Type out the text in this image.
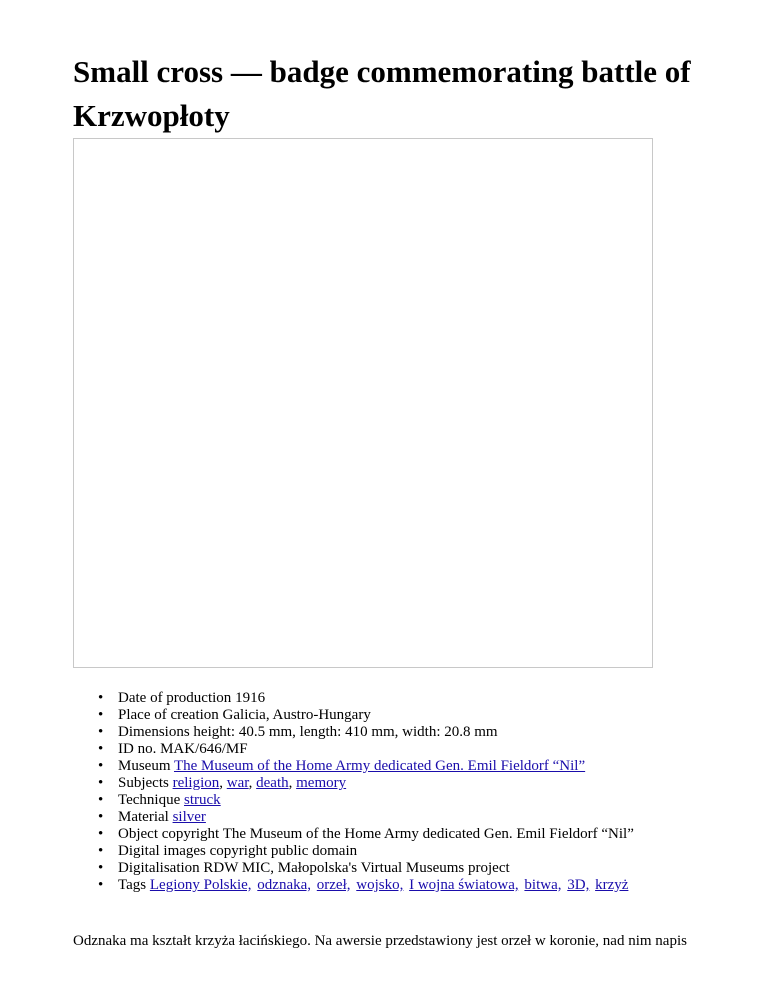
Small cross — badge commemorating battle of Krzwopłoty
• Date of production 1916
• Place of creation Galicia, Austro-Hungary
• Dimensions height: 40.5 mm, length: 410 mm, width: 20.8 mm
• ID no. MAK/646/MF
• Museum The Museum of the Home Army dedicated Gen. Emil Fieldorf “Nil”
• Subjects religion, war, death, memory
• Technique struck
• Material silver
• Object copyright The Museum of the Home Army dedicated Gen. Emil Fieldorf “Nil”
• Digital images copyright public domain
• Digitalisation RDW MIC, Małopolska's Virtual Museums project
• Tags Legiony Polskie, odznaka, orzeł, wojsko, I wojna światowa, bitwa, 3D, krzyż

Odznaka ma kształt krzyża łacińskiego. Na awersie przedstawiony jest orzeł w koronie, nad nim napis
